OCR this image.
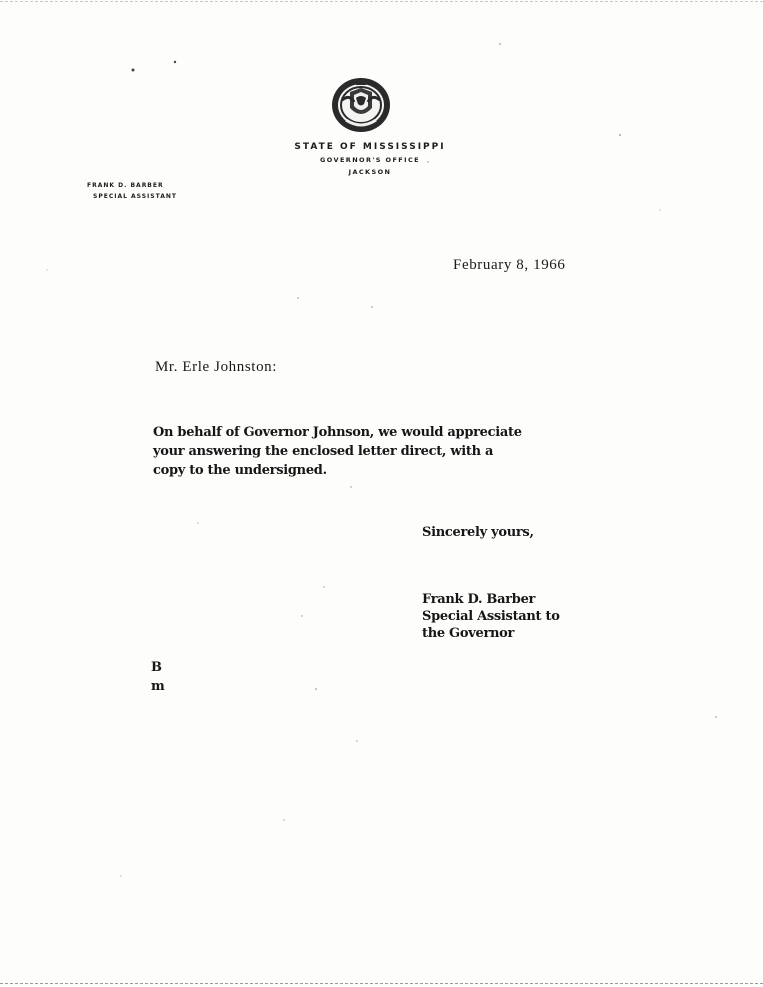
STATE OF MISSISSIPPI
GOVERNOR'S OFFICE
JACKSON
FRANK D. BARBER
SPECIAL ASSISTANT
February 8, 1966
Mr. Erle Johnston:
On behalf of Governor Johnson, we would appreciate
your answering the enclosed letter direct, with a
copy to the undersigned.
Sincerely yours,
Frank D. Barber
Special Assistant to
the Governor
B
m
